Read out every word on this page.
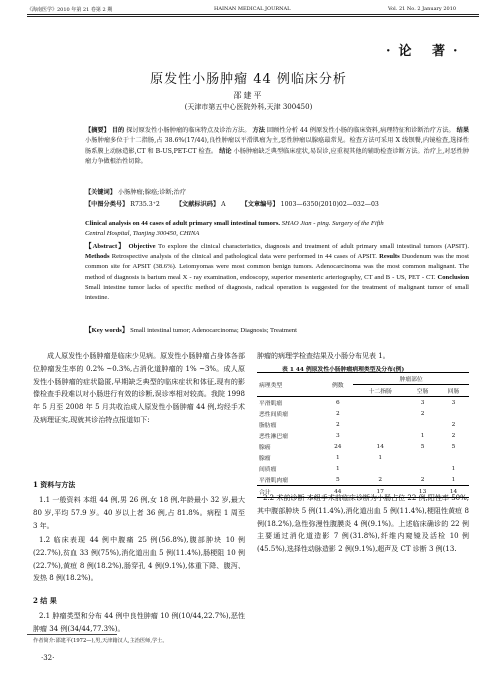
《海南医学》2010 年第 21 卷第 2 期	HAINAN MEDICAL JOURNAL	Vol. 21 No. 2 January 2010
·论 著·
原发性小肠肿瘤 44 例临床分析
邵建平
(天津市第五中心医院外科,天津 300450)
【摘要】 目的 探讨原发性小肠肿瘤的临床特点及诊治方法。 方法 回顾性分析 44 例原发性小肠的临床资料,病理特征和诊断治疗方法。 结果 小肠肿瘤多位于十二指肠,占 38.6%(17/44),良性肿瘤以平滑肌瘤为主,恶性肿瘤以腺癌最常见。检查方法可采用 X 线钡餐,内镜检查,选择性肠系膜上动脉造影,CT 和 B-US,PET-CT 检查。 结论 小肠肿瘤缺乏典型临床症状,易误诊,应重视其他的辅助检查诊断方法。治疗上,对恶性肿瘤力争做根治性切除。
【关键词】 小肠肿瘤;腺癌;诊断;治疗
【中图分类号】 R735.3⁺2	【文献标识码】 A	【文章编号】 1003—6350(2010)02—032—03
Clinical analysis on 44 cases of adult primary small intestinal tumors. SHAO Jian - ping. Surgery of the Fifth
Central Hospital, Tianjing 300450, CHINA
【Abstract】 Objective To explore the clinical characteristics, diagnosis and treatment of adult primary small intestinal tumors (APSIT). Methods Retrospective analysis of the clinical and pathological data were performed in 44 cases of APSIT. Results Duodenum was the most common site for APSIT (38.6%). Leiomyomas were most common benign tumors. Adenocarcinoma was the most common malignant. The method of diagnosis is barium meal X - ray examination, endoscopy, superior mesenteric arteriography, CT and B - US, PET - CT. Conclusion Small intestine tumor lacks of specific method of diagnosis, radical operation is suggested for the treatment of malignant tumor of small intestine.
【Key words】 Small intestinal tumor; Adenocarcinoma; Diagnosis; Treatment
成人原发性小肠肿瘤是临床少见病。原发性小肠肿瘤占身体各部位肿瘤发生率的 0.2% ~0.3%,占消化道肿瘤的 1% ~3%。成人原发性小肠肿瘤的症状隐匿,早期缺乏典型的临床症状和体征,现有的影像检查手段难以对小肠进行有效的诊断,误诊率相对较高。我院 1998 年 5 月至 2008 年 5 月共收治成人原发性小肠肿瘤 44 例,均经手术及病理证实,现就其诊治特点报道如下:
1 资料与方法
1.1 一般资料 本组 44 例,男 26 例,女 18 例,年龄最小 32 岁,最大 80 岁,平均 57.9 岁。40 岁以上者 36 例,占 81.8%。病程 1 周至 3 年。
1.2 临床表现 44 例中腹痛 25 例(56.8%),腹部肿块 10 例(22.7%),贫血 33 例(75%),消化道出血 5 例(11.4%),肠梗阻 10 例(22.7%),黄疸 8 例(18.2%),肠穿孔 4 例(9.1%),体重下降、腹泻、发热 8 例(18.2%)。
2 结 果
2.1 肿瘤类型和分布 44 例中良性肿瘤 10 例(10/44,22.7%),恶性肿瘤 34 例(34/44,77.3%)。
肿瘤的病理学检查结果及小肠分布见表 1。
表 1 44 例原发性小肠肿瘤病理类型及分布(例)
病理类型	例数	肿瘤部位		
		十二指肠	空肠	回肠
平滑肌瘤	6		3	3
恶性间质瘤	2		2	
脂肪瘤	2			2
恶性淋巴瘤	3		1	2
腺癌	24	14	5	5
腺瘤	1	1		
间质瘤	1			1
平滑肌肉瘤	5	2	2	1
合计	44	17	13	14
2.2 术前诊断 本组手术前临床诊断为小肠占位 22 例,阳性率 50%,其中腹部肿块 5 例(11.4%),消化道出血 5 例(11.4%),梗阻性黄疸 8 例(18.2%),急性弥漫性腹膜炎 4 例(9.1%)。上述临床确诊的 22 例主要通过消化道造影 7 例(31.8%),纤维内窥镜及活检 10 例(45.5%),选择性动脉造影 2 例(9.1%),超声及 CT 诊断 3 例(13.
作者简介:邵建平(1972—),男,天津籍汉人,主治医师,学士。
·32·
